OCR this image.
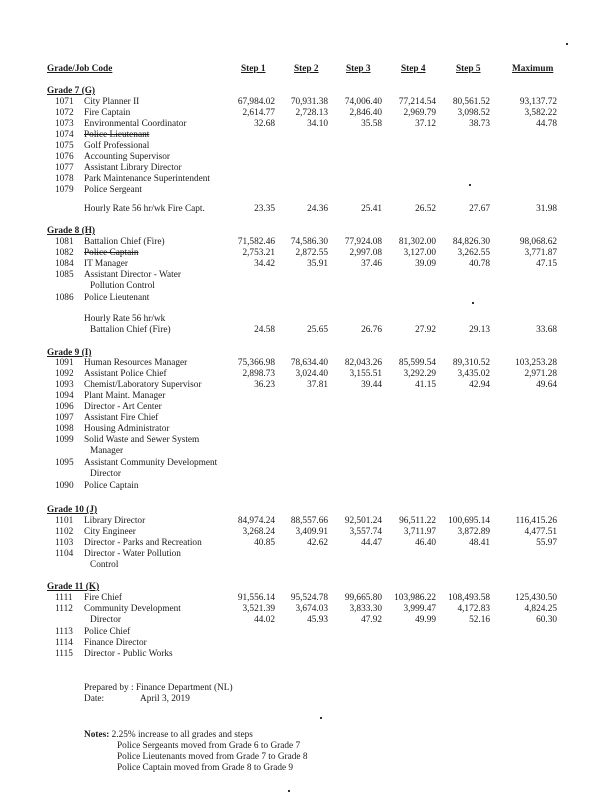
Grade/Job Code	Step 1	Step 2	Step 3	Step 4	Step 5	Maximum
Grade 7 (G)
1071 City Planner II	67,984.02	70,931.38	74,006.40	77,214.54	80,561.52	93,137.72
1072 Fire Captain	2,614.77	2,728.13	2,846.40	2,969.79	3,098.52	3,582.22
1073 Environmental Coordinator	32.68	34.10	35.58	37.12	38.73	44.78
1074 Police Lieutenant
1075 Golf Professional
1076 Accounting Supervisor
1077 Assistant Library Director
1078 Park Maintenance Superintendent
1079 Police Sergeant
Hourly Rate 56 hr/wk Fire Capt.	23.35	24.36	25.41	26.52	27.67	31.98
Grade 8 (H)
1081 Battalion Chief (Fire)	71,582.46	74,586.30	77,924.08	81,302.00	84,826.30	98,068.62
1082 Police Captain	2,753.21	2,872.55	2,997.08	3,127.00	3,262.55	3,771.87
1084 IT Manager	34.42	35.91	37.46	39.09	40.78	47.15
1085 Assistant Director - Water
Pollution Control
1086 Police Lieutenant
Hourly Rate 56 hr/wk
Battalion Chief (Fire)	24.58	25.65	26.76	27.92	29.13	33.68
Grade 9 (I)
1091 Human Resources Manager	75,366.98	78,634.40	82,043.26	85,599.54	89,310.52	103,253.28
1092 Assistant Police Chief	2,898.73	3,024.40	3,155.51	3,292.29	3,435.02	2,971.28
1093 Chemist/Laboratory Supervisor	36.23	37.81	39.44	41.15	42.94	49.64
1094 Plant Maint. Manager
1096 Director - Art Center
1097 Assistant Fire Chief
1098 Housing Administrator
1099 Solid Waste and Sewer System
Manager
1095 Assistant Community Development
Director
1090 Police Captain
Grade 10 (J)
1101 Library Director	84,974.24	88,557.66	92,501.24	96,511.22	100,695.14	116,415.26
1102 City Engineer	3,268.24	3,409.91	3,557.74	3,711.97	3,872.89	4,477.51
1103 Director - Parks and Recreation	40.85	42.62	44.47	46.40	48.41	55.97
1104 Director - Water Pollution
Control
Grade 11 (K)
1111 Fire Chief	91,556.14	95,524.78	99,665.80	103,986.22	108,493.58	125,430.50
1112 Community Development	3,521.39	3,674.03	3,833.30	3,999.47	4,172.83	4,824.25
Director	44.02	45.93	47.92	49.99	52.16	60.30
1113 Police Chief
1114 Finance Director
1115 Director - Public Works
Prepared by : Finance Department (NL)
Date:	April 3, 2019
Notes: 2.25% increase to all grades and steps
Police Sergeants moved from Grade 6 to Grade 7
Police Lieutenants moved from Grade 7 to Grade 8
Police Captain moved from Grade 8 to Grade 9
